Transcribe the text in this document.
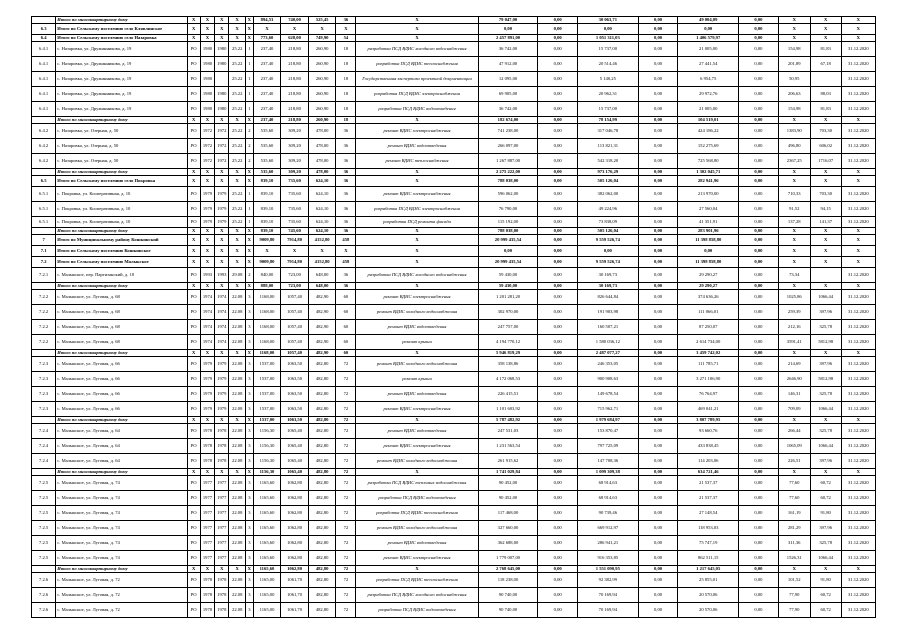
	Итого по многоквартирному дому	X	X	X	X	X	894,53	740,00	525,45	36	X	79 047,00	0,00	30 063,71	0,00	49 004,09	0,00	X	X	X
6.3	Итого по Сельскому поселению село Клявлинское	X	X	X	X	X	X	X	X	X	X	0,00	0,00	0,00	0,00	0,00	0,00	X	X	X
6.4	Итого по Сельскому поселению село Назаровка	X	X	X	X	X	773,60	628,00	749,90	54	X	2 457 891,00	0,00	1 051 311,03	0,00	1 406 579,97	0,00	X	X	X
6.4.1	с. Назаровка, ул. Дружинникова, д. 19	РО	1980	1980	25.22	1	237,40	218,80	260,90	18	разработка ПСД ВДИС холодного водоснабжения	36 742,00	0,00	15 737,00	0,00	21 005,00	0,00	154,98	81,83	31.12.2020
6.4.1	с. Назаровка, ул. Дружинникова, д. 19	РО	1980	1980	25.22	1	237,40	218,80	260,90	18	разработка ПСД ВДИС теплоснабжения	47 912,00	0,00	20 514,46	0,00	27 441,54	0,00	201,89	67,18	31.12.2020
6.4.1	с. Назаровка, ул. Дружинникова, д. 19	РО	1980		25.22	1	237,40	218,80	260,90	18	Государственная экспертиза проектной документации	12 095,00	0,00	5 140,25	0,00	6 954,75	0,00	50,95		31.12.2020
6.4.1	с. Назаровка, ул. Дружинникова, д. 19	РО	1980	1980	25.22	1	237,40	218,80	260,90	18	разработка ПСД ВДИС электроснабжения	69 905,00	0,00	20 962,31	0,00	29 972,76	0,00	206,63	88,03	31.12.2020
6.4.1	с. Назаровка, ул. Дружинникова, д. 19	РО	1980	1980	25.22	1	237,40	218,80	260,90	18	разработка ПСД ВДИС водоотведения	36 742,00	0,00	15 737,00	0,00	21 005,00	0,00	154,98	81,83	31.12.2020
	Итого по многоквартирному дому	X	X	X	X	X	237,40	218,80	260,90	18	X	182 674,00	0,00	78 154,99	0,00	104 519,01	0,00	X	X	X
6.4.2	с. Назаровка, ул. Озерная, д. 50	РО	1972	1972	25.22	2	535,60	309,20	478,00	36	ремонт ВДИС электроснабжения	741 238,00	0,00	317 046,78	0,00	424 186,22	0,00	1383,90	703,30	31.12.2020
6.4.2	с. Назаровка, ул. Озерная, д. 50	РО	1972	1972	25.22	2	535,60	309,20	478,00	36	ремонт ВДИС водоотведения	266 097,00	0,00	113 821,31	0,00	152 275,69	0,00	496,80	606,02	31.12.2020
6.4.2	с. Назаровка, ул. Озерная, д. 50	РО	1972	1972	25.22	2	535,60	309,20	478,00	36	ремонт ВДИС теплоснабжения	1 267 887,00	0,00	542 318,20	0,00	725 568,80	0,00	2367,25	1716,07	31.12.2020
	Итого по многоквартирному дому	X	X	X	X	X	535,60	309,20	478,00	36	X	2 275 222,00	0,00	973 176,29	0,00	1 302 045,71	0,00	X	X	X
6.5	Итого по Сельскому поселению село Покровка	X	X	X	X	X	839,10	735,60	624,10	36	X	788 038,00	0,00	505 126,04	0,00	282 941,96	0,00	X	X	X
6.5.1	с. Покровка, ул. Кооперативная, д. 10	РО	1979	1979	25.22	1	839,10	735,60	624,10	36	ремонт ВДИС электроснабжения	596 062,00	0,00	382 062,00	0,00	213 970,00	0,00	710,33	703,30	31.12.2020
6.5.1	с. Покровка, ул. Кооперативная, д. 10	РО	1979	1979	25.22	1	839,10	735,60	624,10	36	разработка ПСД ВДИС электроснабжения	76 790,00	0,00	49 224,96	0,00	27 560,04	0,00	91,52	94,15	31.12.2020
6.5.1	с. Покровка, ул. Кооперативная, д. 10	РО	1979	1979	25.22	1	839,10	735,60	624,10	36	разработка ПСД ремонта фасада	115 192,00	0,00	73 838,09	0,00	41 351,91	0,00	137,28	141,37	31.12.2020
	Итого по многоквартирному дому	X	X	X	X	X	839,10	745,60	624,10	36	X	788 038,00	0,00	505 126,04	0,00	283 901,96	0,00	X	X	X
7	Итого по Муниципальному району Кошкинский	X	X	X	X	X	9009,80	7914,80	4152,80	458	X	20 999 435,54	0,00	9 559 526,74	0,00	11 398 858,80	0,00	X	X	X
7.1	Итого по Сельскому поселению Кошкинское	X	X	X	X	X	X	X	X	X	X	0,00	0,00	0,00	0,00	0,00	0,00	X	X	X
7.2	Итого по Сельскому поселению Малыкское	X	X	X	X	X	9009,80	7914,80	4152,80	458	X	20 999 435,54	0,00	9 559 526,74	0,00	11 398 858,80	0,00	X	X	X
7.2.1	с. Малыкское, пер. Партизанский, д. 10	РО	1993	1993	29.08	2	840,00	723,00	648,00	36	разработка ПСД ВДИС холодного водоснабжения	59 430,00	0,00	30 169,73	0,00	29 290,27	0,00	73,34		31.12.2020
	Итого по многоквартирному дому	X	X	X	X	X	888,00	723,00	648,00	36	X	59 430,00	0,00	30 169,73	0,00	29 290,27	0,00	X	X	X
7.2.2	с. Малыкское, ул. Луговая, д. 68	РО	1974	1974	22.08	3	1168,00	1057,40	482,90	60	ремонт ВДИС электроснабжения	1 201 281,20	0,00	826 644,84	0,00	374 636,26	0,00	1025,86	1066,44	31.12.2020
7.2.2	с. Малыкское, ул. Луговая, д. 68	РО	1974	1974	22.08	3	1168,00	1057,40	482,90	60	ремонт ВДИС холодного водоснабжения	302 970,00	0,00	191 903,98	0,00	111 066,01	0,00	259,39	397,96	31.12.2020
7.2.2	с. Малыкское, ул. Луговая, д. 68	РО	1974	1974	22.08	3	1168,00	1057,40	482,90	60	ремонт ВДИС водоотведения	247 757,00	0,00	160 507,21	0,00	87 250,07	0,00	212,16	325,78	31.12.2020
7.2.2	с. Малыкское, ул. Луговая, д. 68	РО	1974	1974	22.08	3	1168,00	1057,40	482,90	60	ремонт крыши	4 194 770,12	0,00	1 580 036,12	0,00	2 614 734,00	0,00	3591,41	5812,98	31.12.2020
	Итого по многоквартирному дому	X	X	X	X	X	1168,00	1057,40	482,90	60	X	5 946 819,29	0,00	2 487 077,27	0,00	3 459 742,02	0,00	X	X	X
7.2.3	с. Малыкское, ул. Луговая, д. 66	РО	1979	1979	22.08	3	1537,00	1063,50	482,80	72	ремонт ВДИС холодного водоснабжения	358 138,86	0,00	246 353,05	0,00	111 785,71	0,00	214,69	397,96	31.12.2020
7.2.3	с. Малыкское, ул. Луговая, д. 66	РО	1979	1979	22.08	3	1537,00	1063,50	482,80	72	ремонт крыши	4 172 068,53	0,00	900 908,63	0,00	3 271 106,90	0,00	2646,90	5812,98	31.12.2020
7.2.3	с. Малыкское, ул. Луговая, д. 66	РО	1979	1979	22.08	3	1537,00	1063,50	482,80	72	ремонт ВДИС водоотведения	226 415,51	0,00	149 678,54	0,00	76 764,97	0,00	146,31	325,78	31.12.2020
7.2.3	с. Малыкское, ул. Луговая, д. 66	РО	1979	1979	22.08	3	1537,00	1063,50	482,80	72	ремонт ВДИС электроснабжения	1 101 603,92	0,00	715 962,71	0,00	469 041,21	0,00	709,09	1066,44	31.12.2020
	Итого по многоквартирному дому	X	X	X	X	X	1537,00	1063,50	482,80	72	X	5 787 482,92	0,00	1 979 684,97	0,00	3 807 789,95	0,00	X	X	X
7.2.4	с. Малыкское, ул. Луговая, д. 64	РО	1978	1978	22.08	3	1156,30	1065,40	482,80	72	ремонт ВДИС водоотведения	247 531,03	0,00	153 870,47	0,00	93 660,76	0,00	266,44	325,78	31.12.2020
7.2.4	с. Малыкское, ул. Луговая, д. 64	РО	1978	1978	22.08	3	1156,30	1065,40	482,80	72	ремонт ВДИС электроснабжения	1 231 563,54	0,00	797 725,09	0,00	433 838,45	0,00	1065,09	1066,44	31.12.2020
7.2.4	с. Малыкское, ул. Луговая, д. 64	РО	1978	1978	22.08	3	1156,30	1065,40	482,80	72	ремонт ВДИС холодного водоснабжения	261 915,62	0,00	147 708,36	0,00	114 203,06	0,00	226,51	397,96	31.12.2020
	Итого по многоквартирному дому	X	X	X	X	X	1156,30	1065,40	482,80	72	X	1 741 029,84	0,00	1 099 309,38	0,00	634 721,46	0,00	X	X	X
7.2.5	с. Малыкское, ул. Луговая, д. 74	РО	1977	1977	22.08	3	1165,60	1062,80	482,80	72	разработка ПСД ВДИС тепловых водоснабжения	90 452,00	0,00	68 914,63	0,00	21 537,37	0,00	77,60	60,72	31.12.2020
7.2.5	с. Малыкское, ул. Луговая, д. 74	РО	1977	1977	22.08	3	1165,60	1062,80	482,80	72	разработка ПСД ВДИС водоотведения	90 452,00	0,00	68 914,63	0,00	21 537,37	0,00	77,60	60,72	31.12.2020
7.2.5	с. Малыкское, ул. Луговая, д. 74	РО	1977	1977	22.08	3	1165,60	1062,80	482,80	72	разработка ПСД ВДИС теплоснабжения	117 468,00	0,00	90 739,46	0,00	27 148,54	0,00	161,19	91,80	31.12.2020
7.2.5	с. Малыкское, ул. Луговая, д. 74	РО	1977	1977	22.08	3	1165,60	1062,80	482,80	72	ремонт ВДИС холодного водоснабжения	327 660,00	0,00	669 912,97	0,00	118 953,03	0,00	281,29	397,96	31.12.2020
7.2.5	с. Малыкское, ул. Луговая, д. 74	РО	1977	1977	22.08	3	1165,60	1062,80	482,80	72	ремонт ВДИС водоотведения	362 688,00	0,00	286 941,21	0,00	75 747,19	0,00	311,36	325,78	31.12.2020
7.2.5	с. Малыкское, ул. Луговая, д. 74	РО	1977	1977	22.08	3	1165,60	1062,80	482,80	72	ремонт ВДИС электроснабжения	1 779 007,00	0,00	916 353,85	0,00	862 511,15	0,00	1526,31	1066,44	31.12.2020
	Итого по многоквартирному дому	X	X	X	X	X	1165,60	1062,80	482,80	72	X	2 768 645,00	0,00	1 551 090,95	0,00	1 217 645,05	0,00	X	X	X
7.2.6	с. Малыкское, ул. Луговая, д. 72	РО	1978	1978	22.08	3	1165,00	1061,70	482,80	72	разработка ПСД ВДИС теплоснабжения	118 238,00	0,00	92 382,99	0,00	25 855,01	0,00	101,52	91,80	31.12.2020
7.2.6	с. Малыкское, ул. Луговая, д. 72	РО	1978	1978	22.08	3	1165,00	1061,70	482,80	72	разработка ПСД ВДИС холодного водоснабжения	90 740,00	0,00	70 169,94	0,00	20 570,06	0,00	77,90	60,72	31.12.2020
7.2.6	с. Малыкское, ул. Луговая, д. 72	РО	1978	1978	22.08	3	1165,00	1061,70	482,80	72	разработка ПСД ВДИС водоотведения	90 740,00	0,00	70 169,94	0,00	20 570,06	0,00	77,90	60,72	31.12.2020
